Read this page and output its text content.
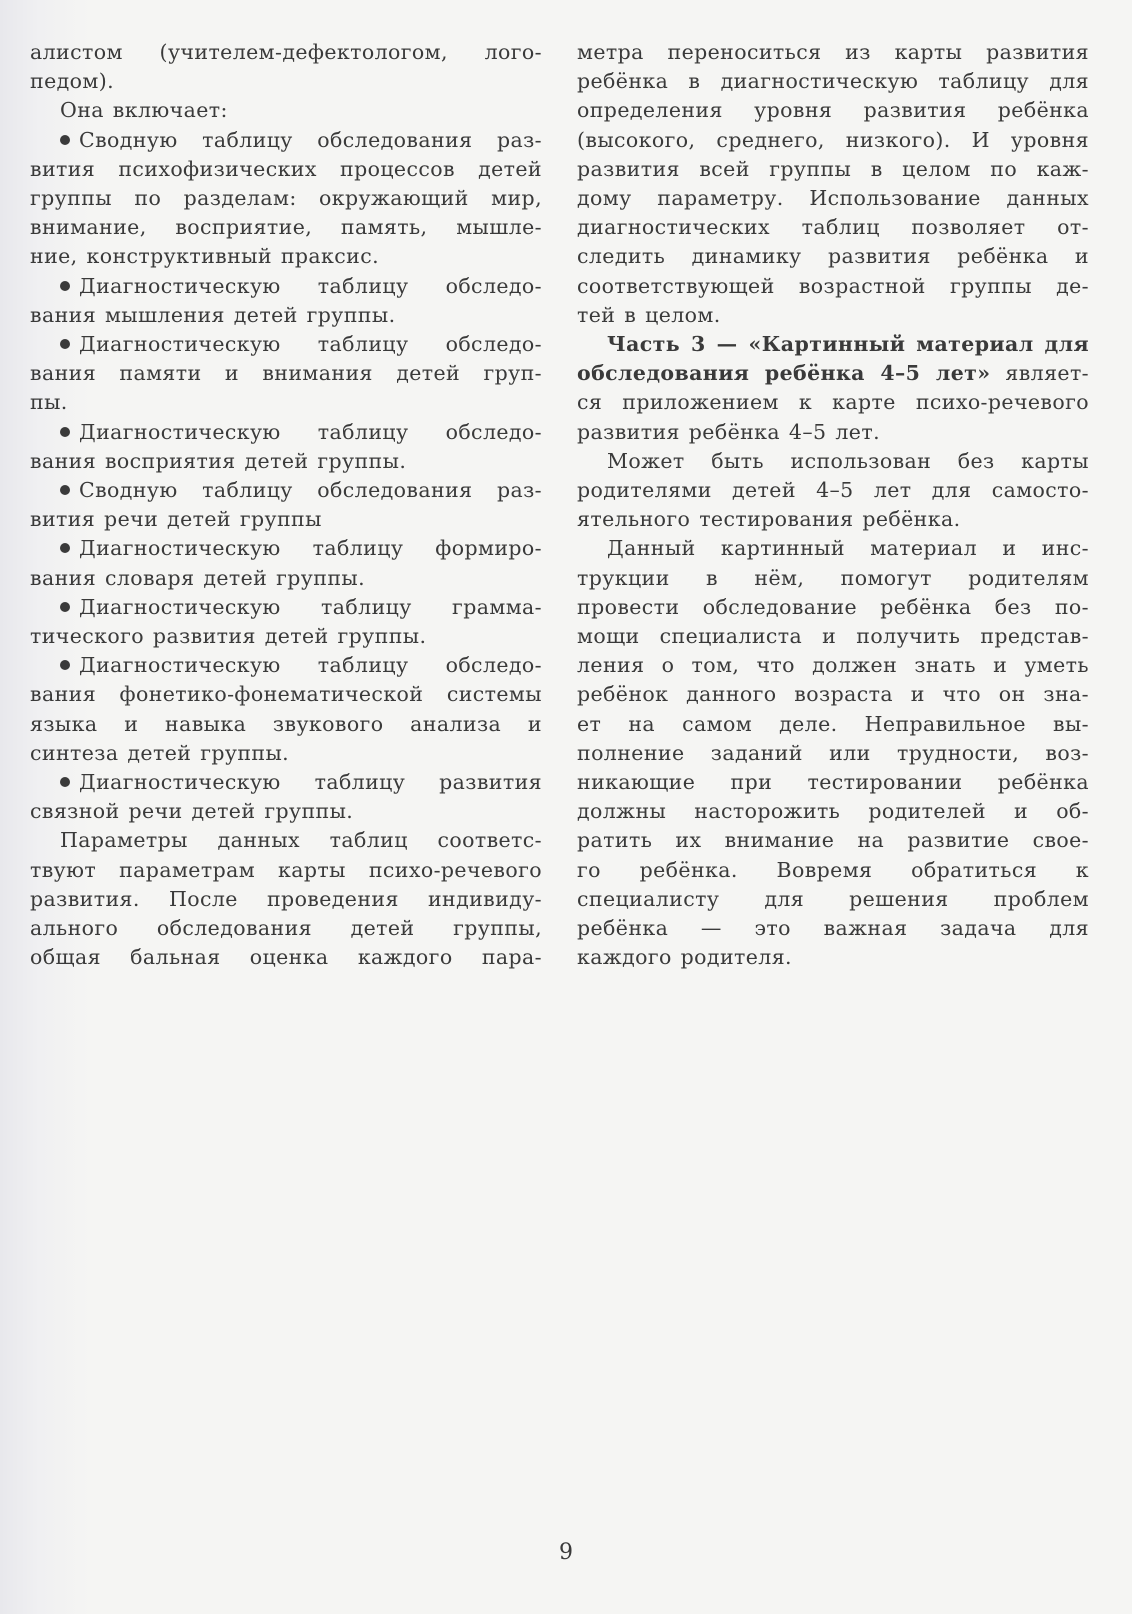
алистом (учителем-дефектологом, лого-
педом).
Она включает:
Сводную таблицу обследования раз-
вития психофизических процессов детей
группы по разделам: окружающий мир,
внимание, восприятие, память, мышле-
ние, конструктивный праксис.
Диагностическую таблицу обследо-
вания мышления детей группы.
Диагностическую таблицу обследо-
вания памяти и внимания детей груп-
пы.
Диагностическую таблицу обследо-
вания восприятия детей группы.
Сводную таблицу обследования раз-
вития речи детей группы
Диагностическую таблицу формиро-
вания словаря детей группы.
Диагностическую таблицу грамма-
тического развития детей группы.
Диагностическую таблицу обследо-
вания фонетико-фонематической системы
языка и навыка звукового анализа и
синтеза детей группы.
Диагностическую таблицу развития
связной речи детей группы.
Параметры данных таблиц соответс-
твуют параметрам карты психо-речевого
развития. После проведения индивиду-
ального обследования детей группы,
общая бальная оценка каждого пара-
метра переноситься из карты развития
ребёнка в диагностическую таблицу для
определения уровня развития ребёнка
(высокого, среднего, низкого). И уровня
развития всей группы в целом по каж-
дому параметру. Использование данных
диагностических таблиц позволяет от-
следить динамику развития ребёнка и
соответствующей возрастной группы де-
тей в целом.
Часть 3 — «Картинный материал для
обследования ребёнка 4–5 лет» являет-
ся приложением к карте психо-речевого
развития ребёнка 4–5 лет.
Может быть использован без карты
родителями детей 4–5 лет для самосто-
ятельного тестирования ребёнка.
Данный картинный материал и инс-
трукции в нём, помогут родителям
провести обследование ребёнка без по-
мощи специалиста и получить представ-
ления о том, что должен знать и уметь
ребёнок данного возраста и что он зна-
ет на самом деле. Неправильное вы-
полнение заданий или трудности, воз-
никающие при тестировании ребёнка
должны насторожить родителей и об-
ратить их внимание на развитие свое-
го ребёнка. Вовремя обратиться к
специалисту для решения проблем
ребёнка — это важная задача для
каждого родителя.
9
